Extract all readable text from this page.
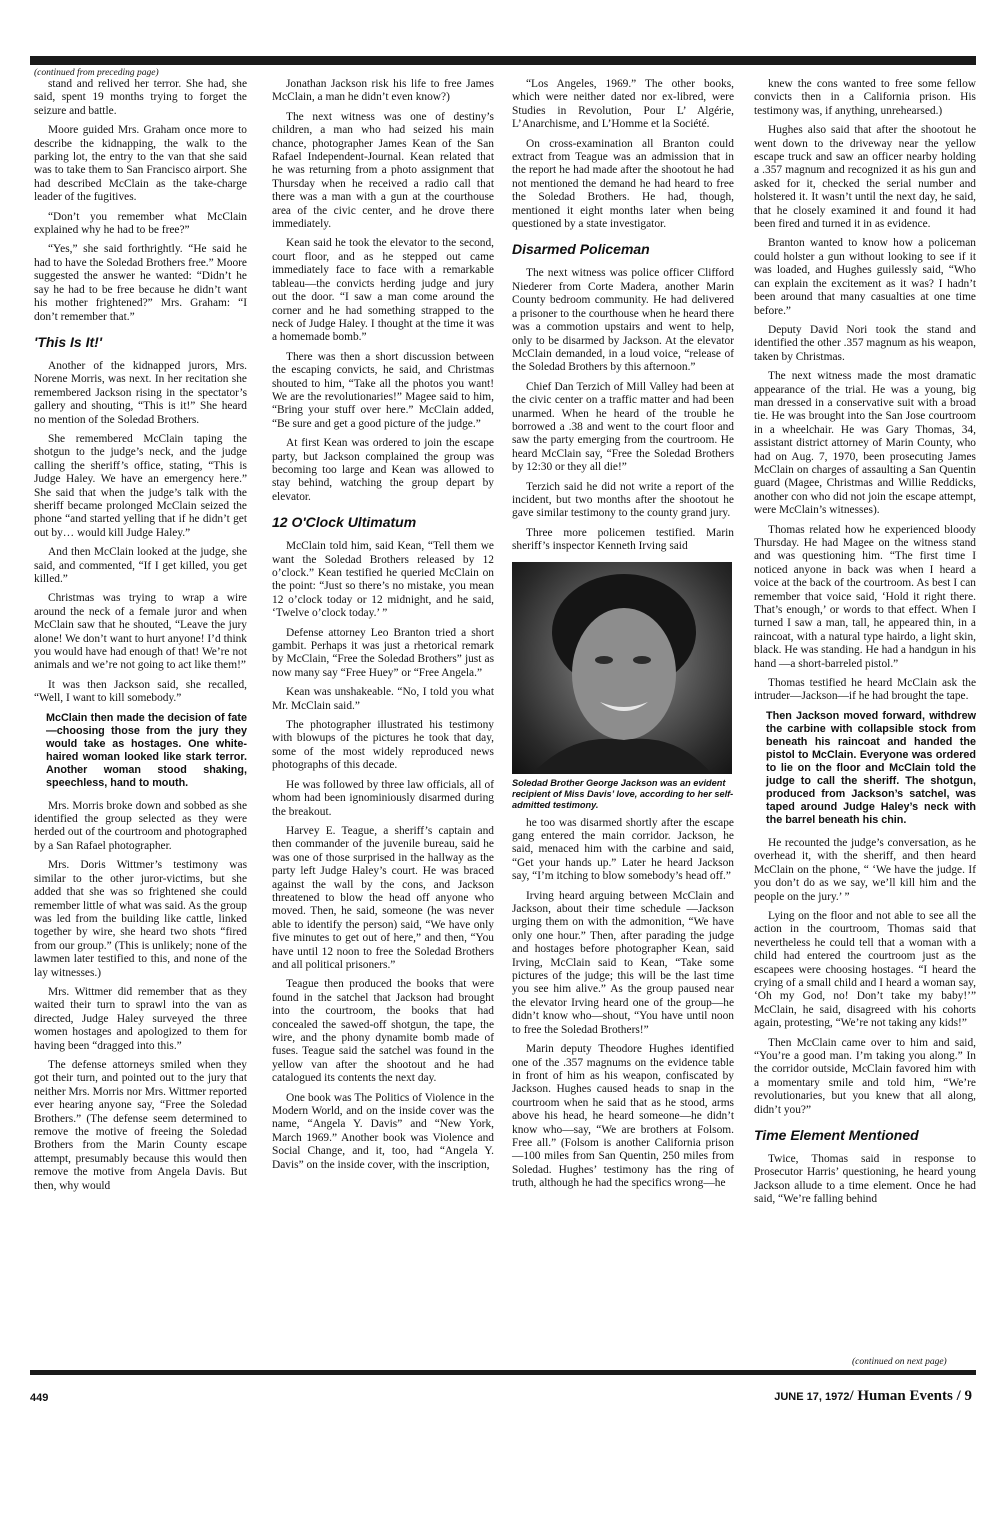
(continued from preceding page)

stand and relived her terror. She had, she said, spent 19 months trying to forget the seizure and battle.

Moore guided Mrs. Graham once more to describe the kidnapping, the walk to the parking lot, the entry to the van that she said was to take them to San Francisco airport. She had described McClain as the take-charge leader of the fugitives.

“Don’t you remember what McClain explained why he had to be free?”

“Yes,” she said forthrightly. “He said he had to have the Soledad Brothers free.” Moore suggested the answer he wanted: “Didn’t he say he had to be free because he didn’t want his mother frightened?” Mrs. Graham: “I don’t remember that.”

'This Is It!'

Another of the kidnapped jurors, Mrs. Norene Morris, was next. In her recitation she remembered Jackson rising in the spectator’s gallery and shouting, “This is it!” She heard no mention of the Soledad Brothers.

She remembered McClain taping the shotgun to the judge’s neck, and the judge calling the sheriff’s office, stating, “This is Judge Haley. We have an emergency here.” She said that when the judge’s talk with the sheriff became prolonged McClain seized the phone “and started yelling that if he didn’t get out by… would kill Judge Haley.”

And then McClain looked at the judge, she said, and commented, “If I get killed, you get killed.”

Christmas was trying to wrap a wire around the neck of a female juror and when McClain saw that he shouted, “Leave the jury alone! We don’t want to hurt anyone! I’d think you would have had enough of that! We’re not animals and we’re not going to act like them!”

It was then Jackson said, she recalled, “Well, I want to kill somebody.”

McClain then made the decision of fate—choosing those from the jury they would take as hostages. One white-haired woman looked like stark terror. Another woman stood shaking, speechless, hand to mouth.

Mrs. Morris broke down and sobbed as she identified the group selected as they were herded out of the courtroom and photographed by a San Rafael photographer.

Mrs. Doris Wittmer’s testimony was similar to the other juror-victims, but she added that she was so frightened she could remember little of what was said. As the group was led from the building like cattle, linked together by wire, she heard two shots “fired from our group.” (This is unlikely; none of the lawmen later testified to this, and none of the lay witnesses.)

Mrs. Wittmer did remember that as they waited their turn to sprawl into the van as directed, Judge Haley surveyed the three women hostages and apologized to them for having been “dragged into this.”

The defense attorneys smiled when they got their turn, and pointed out to the jury that neither Mrs. Morris nor Mrs. Wittmer reported ever hearing anyone say, “Free the Soledad Brothers.” (The defense seem determined to remove the motive of freeing the Soledad Brothers from the Marin County escape attempt, presumably because this would then remove the motive from Angela Davis. But then, why would

Jonathan Jackson risk his life to free James McClain, a man he didn’t even know?)

The next witness was one of destiny’s children, a man who had seized his main chance, photographer James Kean of the San Rafael Independent-Journal. Kean related that he was returning from a photo assignment that Thursday when he received a radio call that there was a man with a gun at the courthouse area of the civic center, and he drove there immediately.

Kean said he took the elevator to the second, court floor, and as he stepped out came immediately face to face with a remarkable tableau—the convicts herding judge and jury out the door. “I saw a man come around the corner and he had something strapped to the neck of Judge Haley. I thought at the time it was a homemade bomb.”

There was then a short discussion between the escaping convicts, he said, and Christmas shouted to him, “Take all the photos you want! We are the revolutionaries!” Magee said to him, “Bring your stuff over here.” McClain added, “Be sure and get a good picture of the judge.”

At first Kean was ordered to join the escape party, but Jackson complained the group was becoming too large and Kean was allowed to stay behind, watching the group depart by elevator.

12 O'Clock Ultimatum

McClain told him, said Kean, “Tell them we want the Soledad Brothers released by 12 o’clock.” Kean testified he queried McClain on the point: “Just so there’s no mistake, you mean 12 o’clock today or 12 midnight, and he said, ‘Twelve o’clock today.’ ”

Defense attorney Leo Branton tried a short gambit. Perhaps it was just a rhetorical remark by McClain, “Free the Soledad Brothers” just as now many say “Free Huey” or “Free Angela.”

Kean was unshakeable. “No, I told you what Mr. McClain said.”

The photographer illustrated his testimony with blowups of the pictures he took that day, some of the most widely reproduced news photographs of this decade.

He was followed by three law officials, all of whom had been ignominiously disarmed during the breakout.

Harvey E. Teague, a sheriff’s captain and then commander of the juvenile bureau, said he was one of those surprised in the hallway as the party left Judge Haley’s court. He was braced against the wall by the cons, and Jackson threatened to blow the head off anyone who moved. Then, he said, someone (he was never able to identify the person) said, “We have only five minutes to get out of here,” and then, “You have until 12 noon to free the Soledad Brothers and all political prisoners.”

Teague then produced the books that were found in the satchel that Jackson had brought into the courtroom, the books that had concealed the sawed-off shotgun, the tape, the wire, and the phony dynamite bomb made of fuses. Teague said the satchel was found in the yellow van after the shootout and he had catalogued its contents the next day.

One book was The Politics of Violence in the Modern World, and on the inside cover was the name, “Angela Y. Davis” and “New York, March 1969.” Another book was Violence and Social Change, and it, too, had “Angela Y. Davis” on the inside cover, with the inscription,

“Los Angeles, 1969.” The other books, which were neither dated nor ex-libred, were Studies in Revolution, Pour L’ Algérie, L’Anarchisme, and L’Homme et la Société.

On cross-examination all Branton could extract from Teague was an admission that in the report he had made after the shootout he had not mentioned the demand he had heard to free the Soledad Brothers. He had, though, mentioned it eight months later when being questioned by a state investigator.

Disarmed Policeman

The next witness was police officer Clifford Niederer from Corte Madera, another Marin County bedroom community. He had delivered a prisoner to the courthouse when he heard there was a commotion upstairs and went to help, only to be disarmed by Jackson. At the elevator McClain demanded, in a loud voice, “release of the Soledad Brothers by this afternoon.”

Chief Dan Terzich of Mill Valley had been at the civic center on a traffic matter and had been unarmed. When he heard of the trouble he borrowed a .38 and went to the court floor and saw the party emerging from the courtroom. He heard McClain say, “Free the Soledad Brothers by 12:30 or they all die!”

Terzich said he did not write a report of the incident, but two months after the shootout he gave similar testimony to the county grand jury.

Three more policemen testified. Marin sheriff’s inspector Kenneth Irving said

Soledad Brother George Jackson was an evident recipient of Miss Davis’ love, according to her self-admitted testimony.

he too was disarmed shortly after the escape gang entered the main corridor. Jackson, he said, menaced him with the carbine and said, “Get your hands up.” Later he heard Jackson say, “I’m itching to blow somebody’s head off.”

Irving heard arguing between McClain and Jackson, about their time schedule —Jackson urging them on with the admonition, “We have only one hour.” Then, after parading the judge and hostages before photographer Kean, said Irving, McClain said to Kean, “Take some pictures of the judge; this will be the last time you see him alive.” As the group paused near the elevator Irving heard one of the group—he didn’t know who—shout, “You have until noon to free the Soledad Brothers!”

Marin deputy Theodore Hughes identified one of the .357 magnums on the evidence table in front of him as his weapon, confiscated by Jackson. Hughes caused heads to snap in the courtroom when he said that as he stood, arms above his head, he heard someone—he didn’t know who—say, “We are brothers at Folsom. Free all.” (Folsom is another California prison—100 miles from San Quentin, 250 miles from Soledad. Hughes’ testimony has the ring of truth, although he had the specifics wrong—he

knew the cons wanted to free some fellow convicts then in a California prison. His testimony was, if anything, unrehearsed.)

Hughes also said that after the shootout he went down to the driveway near the yellow escape truck and saw an officer nearby holding a .357 magnum and recognized it as his gun and asked for it, checked the serial number and holstered it. It wasn’t until the next day, he said, that he closely examined it and found it had been fired and turned it in as evidence.

Branton wanted to know how a policeman could holster a gun without looking to see if it was loaded, and Hughes guilessly said, “Who can explain the excitement as it was? I hadn’t been around that many casualties at one time before.”

Deputy David Nori took the stand and identified the other .357 magnum as his weapon, taken by Christmas.

The next witness made the most dramatic appearance of the trial. He was a young, big man dressed in a conservative suit with a broad tie. He was brought into the San Jose courtroom in a wheelchair. He was Gary Thomas, 34, assistant district attorney of Marin County, who had on Aug. 7, 1970, been prosecuting James McClain on charges of assaulting a San Quentin guard (Magee, Christmas and Willie Reddicks, another con who did not join the escape attempt, were McClain’s witnesses).

Thomas related how he experienced bloody Thursday. He had Magee on the witness stand and was questioning him. “The first time I noticed anyone in back was when I heard a voice at the back of the courtroom. As best I can remember that voice said, ‘Hold it right there. That’s enough,’ or words to that effect. When I turned I saw a man, tall, he appeared thin, in a raincoat, with a natural type hairdo, a light skin, black. He was standing. He had a handgun in his hand —a short-barreled pistol.”

Thomas testified he heard McClain ask the intruder—Jackson—if he had brought the tape.

Then Jackson moved forward, withdrew the carbine with collapsible stock from beneath his raincoat and handed the pistol to McClain. Everyone was ordered to lie on the floor and McClain told the judge to call the sheriff. The shotgun, produced from Jackson’s satchel, was taped around Judge Haley’s neck with the barrel beneath his chin.

He recounted the judge’s conversation, as he overhead it, with the sheriff, and then heard McClain on the phone, “ ‘We have the judge. If you don’t do as we say, we’ll kill him and the people on the jury.’ ”

Lying on the floor and not able to see all the action in the courtroom, Thomas said that nevertheless he could tell that a woman with a child had entered the courtroom just as the escapees were choosing hostages. “I heard the crying of a small child and I heard a woman say, ‘Oh my God, no! Don’t take my baby!’” McClain, he said, disagreed with his cohorts again, protesting, “We’re not taking any kids!”

Then McClain came over to him and said, “You’re a good man. I’m taking you along.” In the corridor outside, McClain favored him with a momentary smile and told him, “We’re revolutionaries, but you knew that all along, didn’t you?”

Time Element Mentioned

Twice, Thomas said in response to Prosecutor Harris’ questioning, he heard young Jackson allude to a time element. Once he had said, “We’re falling behind

(continued on next page)
449	JUNE 17, 1972/ Human Events / 9
